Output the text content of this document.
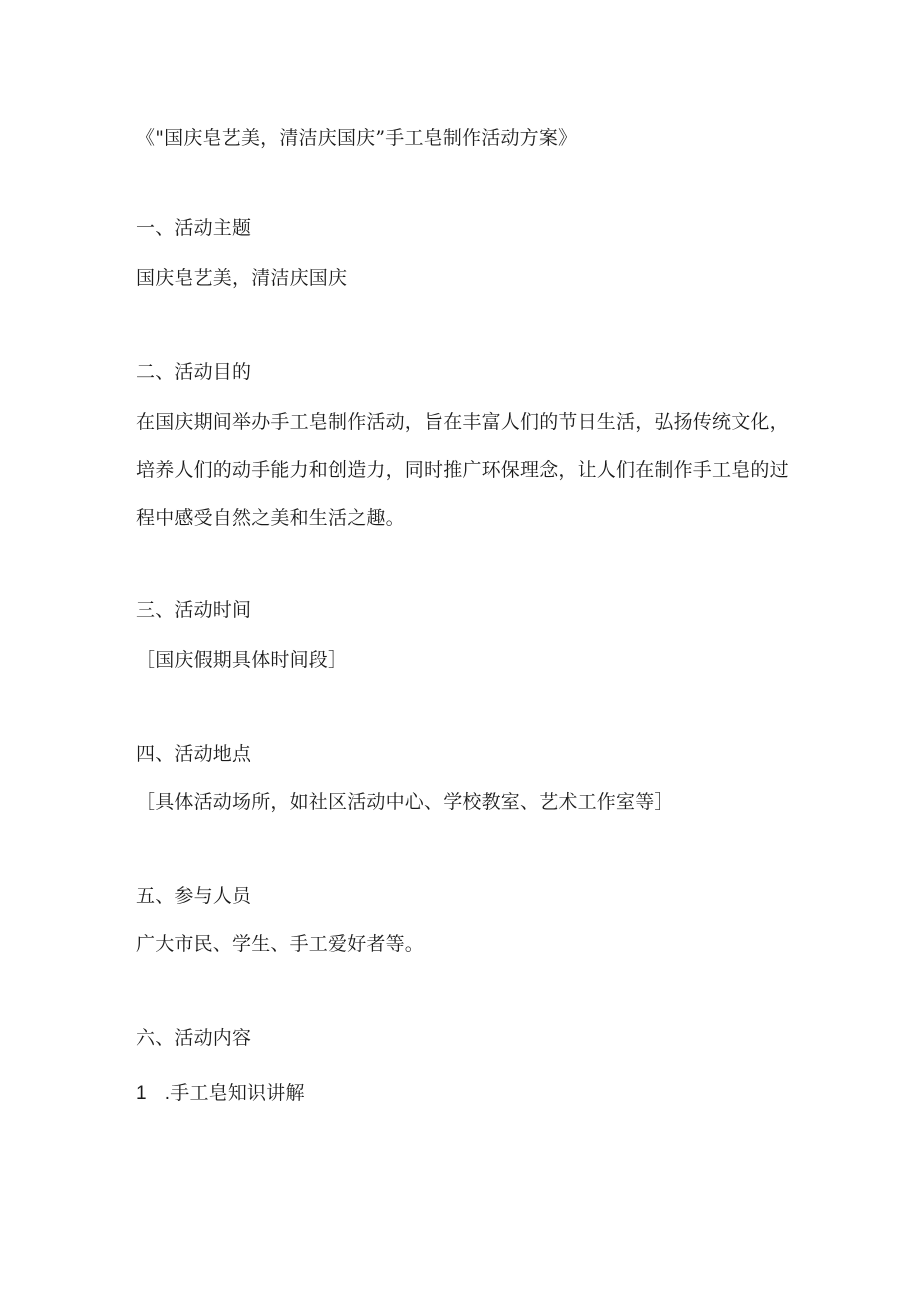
《"国庆皂艺美，清洁庆国庆”手工皂制作活动方案》
一、活动主题
国庆皂艺美，清洁庆国庆
二、活动目的
在国庆期间举办手工皂制作活动，旨在丰富人们的节日生活，弘扬传统文化，
培养人们的动手能力和创造力，同时推广环保理念，让人们在制作手工皂的过
程中感受自然之美和生活之趣。
三、活动时间
［国庆假期具体时间段］
四、活动地点
［具体活动场所，如社区活动中心、学校教室、艺术工作室等］
五、参与人员
广大市民、学生、手工爱好者等。
六、活动内容
1 .手工皂知识讲解
